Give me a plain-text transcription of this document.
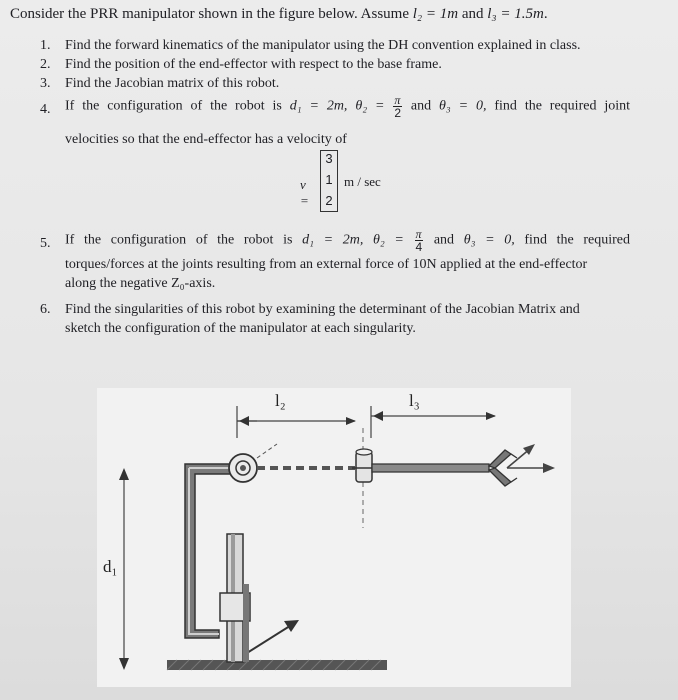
Consider the PRR manipulator shown in the figure below. Assume l₂ = 1m and l₃ = 1.5m.
1.	Find the forward kinematics of the manipulator using the DH convention explained in class.
2.	Find the position of the end-effector with respect to the base frame.
3.	Find the Jacobian matrix of this robot.
4.	If the configuration of the robot is d₁ = 2m, $\theta_2 = \frac{\pi}{2}$ and θ₃ = 0, find the required joint
velocities so that the end-effector has a velocity of
v =
3
1
2
m / sec
5.	If the configuration of the robot is d₁ = 2m, $\theta_2 = \frac{\pi}{4}$ and θ₃ = 0, find the required
torques/forces at the joints resulting from an external force of 10N applied at the end-effector
along the negative Z₀-axis.
6.	Find the singularities of this robot by examining the determinant of the Jacobian Matrix and
sketch the configuration of the manipulator at each singularity.
l₂	l₃
d₁
